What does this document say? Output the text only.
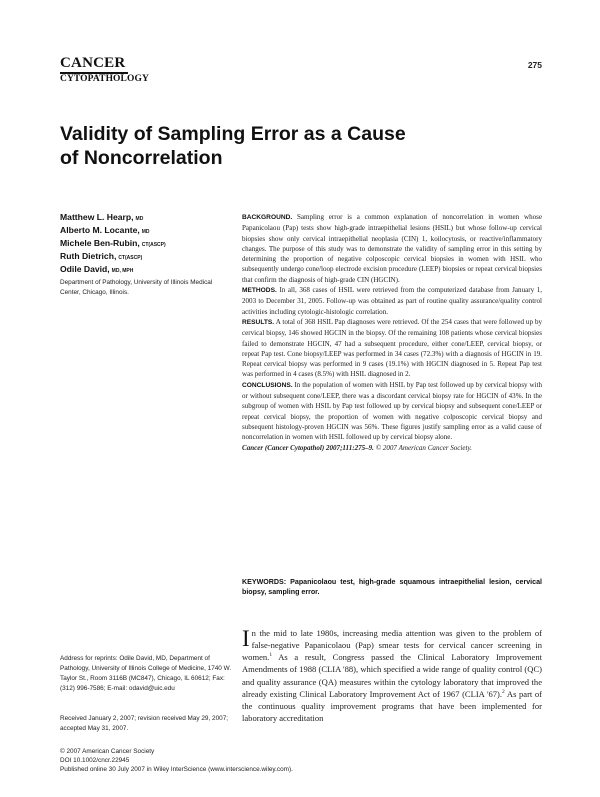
CANCER
CYTOPATHOLOGY
275
Validity of Sampling Error as a Cause of Noncorrelation
Matthew L. Hearp, MD
Alberto M. Locante, MD
Michele Ben-Rubin, CT(ASCP)
Ruth Dietrich, CT(ASCP)
Odile David, MD, MPH

Department of Pathology, University of Illinois Medical Center, Chicago, Illinois.

BACKGROUND. Sampling error is a common explanation of noncorrelation in women whose Papanicolaou (Pap) tests show high-grade intraepithelial lesions (HSIL) but whose follow-up cervical biopsies show only cervical intraepithelial neoplasia (CIN) 1, koilocytosis, or reactive/inflammatory changes. The purpose of this study was to demonstrate the validity of sampling error in this setting by determining the proportion of negative colposcopic cervical biopsies in women with HSIL who subsequently undergo cone/loop electrode excision procedure (LEEP) biopsies or repeat cervical biopsies that confirm the diagnosis of high-grade CIN (HGCIN).

METHODS. In all, 368 cases of HSIL were retrieved from the computerized database from January 1, 2003 to December 31, 2005. Follow-up was obtained as part of routine quality assurance/quality control activities including cytologic-histologic correlation.

RESULTS. A total of 368 HSIL Pap diagnoses were retrieved. Of the 254 cases that were followed up by cervical biopsy, 146 showed HGCIN in the biopsy. Of the remaining 108 patients whose cervical biopsies failed to demonstrate HGCIN, 47 had a subsequent procedure, either cone/LEEP, cervical biopsy, or repeat Pap test. Cone biopsy/LEEP was performed in 34 cases (72.3%) with a diagnosis of HGCIN in 19. Repeat cervical biopsy was performed in 9 cases (19.1%) with HGCIN diagnosed in 5. Repeat Pap test was performed in 4 cases (8.5%) with HSIL diagnosed in 2.

CONCLUSIONS. In the population of women with HSIL by Pap test followed up by cervical biopsy with or without subsequent cone/LEEP, there was a discordant cervical biopsy rate for HGCIN of 43%. In the subgroup of women with HSIL by Pap test followed up by cervical biopsy and subsequent cone/LEEP or repeat cervical biopsy, the proportion of women with negative colposcopic cervical biopsy and subsequent histology-proven HGCIN was 56%. These figures justify sampling error as a valid cause of noncorrelation in women with HSIL followed up by cervical biopsy alone.

Cancer (Cancer Cytopathol) 2007;111:275–9. © 2007 American Cancer Society.

KEYWORDS: Papanicolaou test, high-grade squamous intraepithelial lesion, cervical biopsy, sampling error.

In the mid to late 1980s, increasing media attention was given to the problem of false-negative Papanicolaou (Pap) smear tests for cervical cancer screening in women.$^1$ As a result, Congress passed the Clinical Laboratory Improvement Amendments of 1988 (CLIA '88), which specified a wide range of quality control (QC) and quality assurance (QA) measures within the cytology laboratory that improved the already existing Clinical Laboratory Improvement Act of 1967 (CLIA '67).$^2$ As part of the continuous quality improvement programs that have been implemented for laboratory accreditation

Address for reprints: Odile David, MD, Department of Pathology, University of Illinois College of Medicine, 1740 W. Taylor St., Room 3116B (MC847), Chicago, IL 60612; Fax: (312) 996-7586; E-mail: odavid@uic.edu

Received January 2, 2007; revision received May 29, 2007; accepted May 31, 2007.

© 2007 American Cancer Society
DOI 10.1002/cncr.22945
Published online 30 July 2007 in Wiley InterScience (www.interscience.wiley.com).
